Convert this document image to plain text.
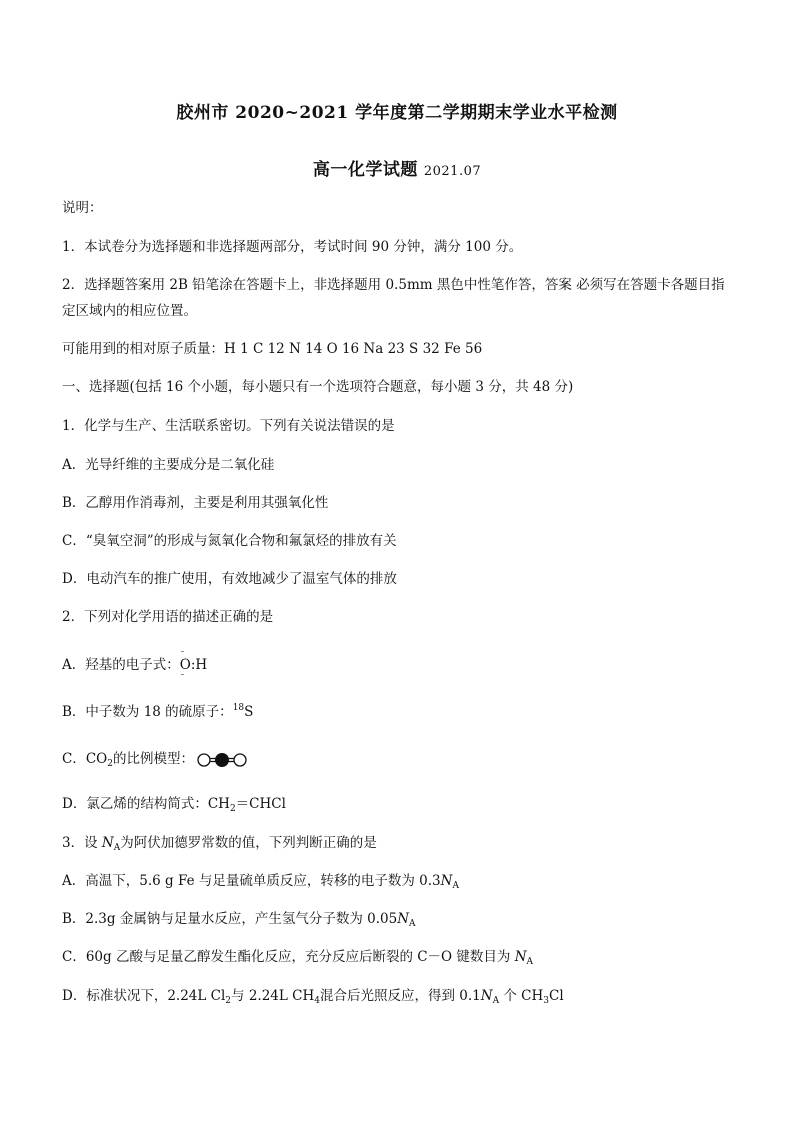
胶州市 2020~2021 学年度第二学期期末学业水平检测
高一化学试题 2021.07
说明：
1．本试卷分为选择题和非选择题两部分，考试时间 90 分钟，满分 100 分。
2．选择题答案用 2B 铅笔涂在答题卡上，非选择题用 0.5mm 黑色中性笔作答，答案 必须写在答题卡各题目指定区域内的相应位置。
可能用到的相对原子质量：H 1 C 12 N 14 O 16 Na 23 S 32 Fe 56
一、选择题(包括 16 个小题，每小题只有一个选项符合题意，每小题 3 分，共 48 分)
1．化学与生产、生活联系密切。下列有关说法错误的是
A．光导纤维的主要成分是二氧化硅
B．乙醇用作消毒剂，主要是利用其强氧化性
C．“臭氧空洞”的形成与氮氧化合物和氟氯烃的排放有关
D．电动汽车的推广使用，有效地减少了温室气体的排放
2．下列对化学用语的描述正确的是
A．羟基的电子式：
··
O
··
:H
B．中子数为 18 的硫原子：$^{18}$S
C．$CO_2$的比例模型：
D．氯乙烯的结构简式：$CH_2=CHCl$
3．设 $N_A$为阿伏加德罗常数的值，下列判断正确的是
A．高温下，5.6 g Fe 与足量硫单质反应，转移的电子数为 $0.3N_A$
B．2.3g 金属钠与足量水反应，产生氢气分子数为 $0.05N_A$
C．60g 乙酸与足量乙醇发生酯化反应，充分反应后断裂的 C－O 键数目为 $N_A$
D．标准状况下，2.24L $Cl_2$与 2.24L $CH_4$混合后光照反应，得到 $0.1N_A$ 个 $CH_3Cl$
